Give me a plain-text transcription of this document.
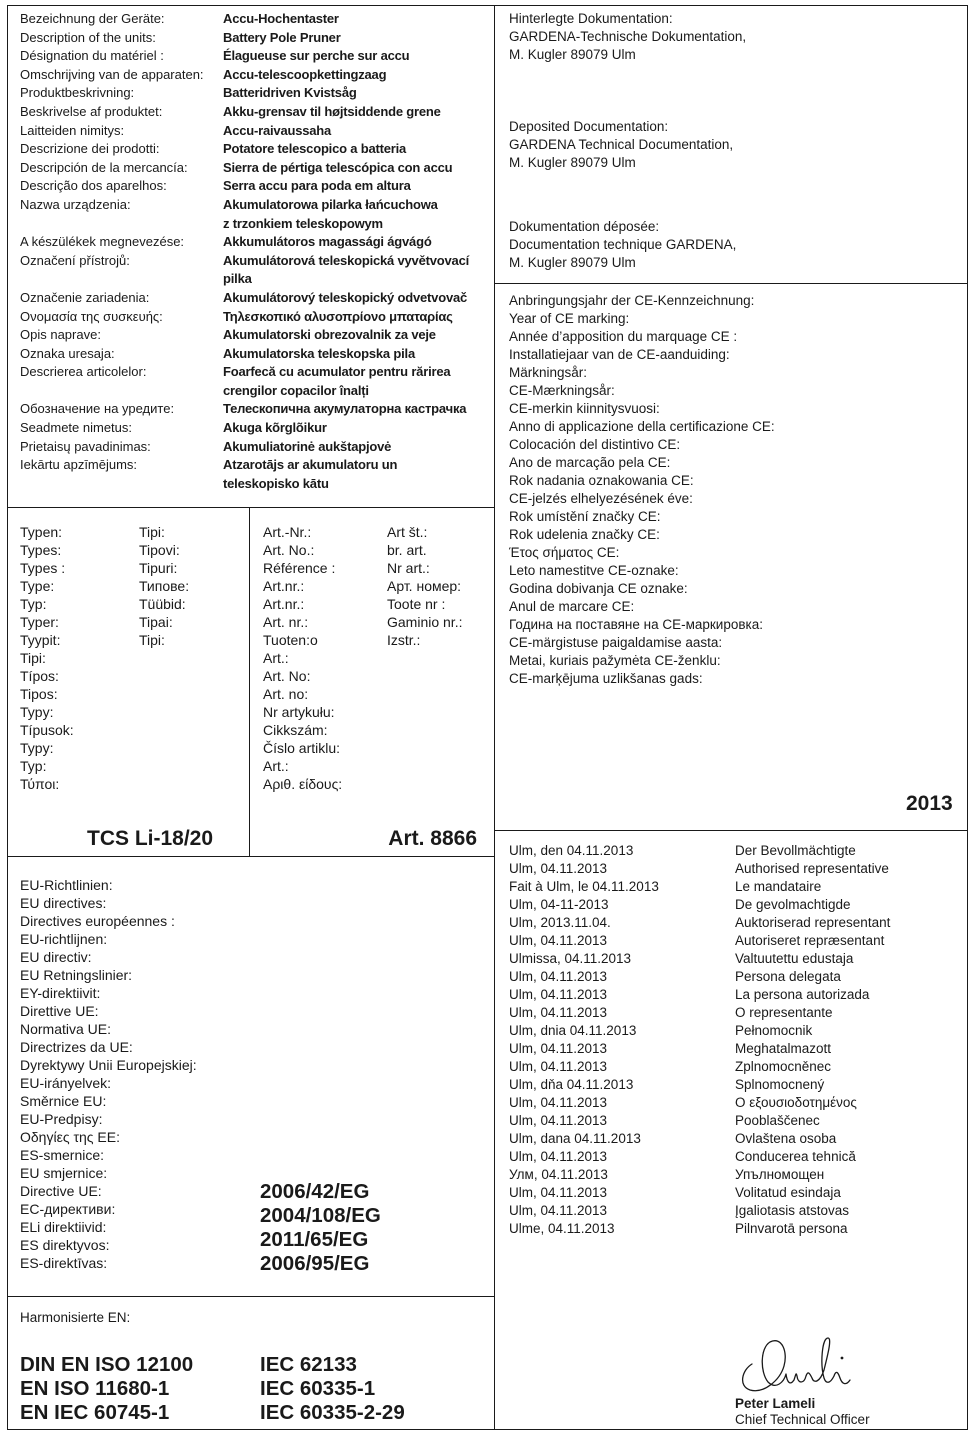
Bezeichnung der Geräte:
Description of the units:
Désignation du matériel :
Omschrijving van de apparaten:
Produktbeskrivning:
Beskrivelse af produktet:
Laitteiden nimitys:
Descrizione dei prodotti:
Descripción de la mercancía:
Descrição dos aparelhos:
Nazwa urządzenia:

A készülékek megnevezése:
Označení přístrojů:

Označenie zariadenia:
Ονομασία της συσκευής:
Opis naprave:
Oznaka uresaja:
Descrierea articolelor:

Обозначение на уредите:
Seadmete nimetus:
Prietaisų pavadinimas:
Iekārtu apzīmējums:

Accu-Hochentaster
Battery Pole Pruner
Élagueuse sur perche sur accu
Accu-telescoopkettingzaag
Batteridriven Kvistsåg
Akku-grensav til højtsiddende grene
Accu-raivaussaha
Potatore telescopico a batteria
Sierra de pértiga telescópica con accu
Serra accu para poda em altura
Akumulatorowa pilarka łańcuchowa
z trzonkiem teleskopowym
Akkumulátoros magassági ágvágó
Akumulátorová teleskopická vyvětvovací
pilka
Akumulátorový teleskopický odvetvovač
Τηλεσκοπικό αλυσοπρίονο μπαταρίας
Akumulatorski obrezovalnik za veje
Akumulatorska teleskopska pila
Foarfecă cu acumulator pentru rărirea
crengilor copacilor înalți
Телескопична акумулаторна кастрачка
Akuga kõrglõikur
Akumuliatorinė aukštapjovė
Atzarotājs ar akumulatoru un
teleskopisko kātu
Typen:
Types:
Types :
Type:
Typ:
Typer:
Tyypit:
Tipi:
Típos:
Tipos:
Typy:
Típusok:
Typy:
Typ:
Τύποι:
Tipi:
Tipovi:
Tipuri:
Типове:
Tüübid:
Tipai:
Tipi:
Art.-Nr.:
Art. No.:
Référence :
Art.nr.:
Art.nr.:
Art. nr.:
Tuoten:o
Art.:
Art. No:
Art. no:
Nr artykułu:
Cikkszám:
Číslo artiklu:
Art.:
Αριθ. είδους:
Art št.:
br. art.
Nr art.:
Арт. номер:
Toote nr :
Gaminio nr.:
Izstr.:
TCS Li-18/20	Art. 8866
EU-Richtlinien:
EU directives:
Directives européennes :
EU-richtlijnen:
EU directiv:
EU Retningslinier:
EY-direktiivit:
Direttive UE:
Normativa UE:
Directrizes da UE:
Dyrektywy Unii Europejskiej:
EU-irányelvek:
Směrnice EU:
EU-Predpisy:
Οδηγίες της ΕΕ:
ES-smernice:
EU smjernice:
Directive UE:
ЕС-директиви:
ELi direktiivid:
ES direktyvos:
ES-direktīvas:
2006/42/EG
2004/108/EG
2011/65/EG
2006/95/EG
Harmonisierte EN:
DIN EN ISO 12100
EN ISO 11680-1
EN IEC 60745-1
IEC 62133
IEC 60335-1
IEC 60335-2-29
Hinterlegte Dokumentation:
GARDENA-Technische Dokumentation,
M. Kugler 89079 Ulm
Deposited Documentation:
GARDENA Technical Documentation,
M. Kugler 89079 Ulm
Dokumentation déposée:
Documentation technique GARDENA,
M. Kugler 89079 Ulm
Anbringungsjahr der CE-Kennzeichnung:
Year of CE marking:
Année d’apposition du marquage CE :
Installatiejaar van de CE-aanduiding:
Märkningsår:
CE-Mærkningsår:
CE-merkin kiinnitysvuosi:
Anno di applicazione della certificazione CE:
Colocación del distintivo CE:
Ano de marcação pela CE:
Rok nadania oznakowania CE:
CE-jelzés elhelyezésének éve:
Rok umístění značky CE:
Rok udelenia značky CE:
Έτος σήματος CE:
Leto namestitve CE-oznake:
Godina dobivanja CE oznake:
Anul de marcare CE:
Година на поставяне на CE-маркировка:
CE-märgistuse paigaldamise aasta:
Metai, kuriais pažymėta CE-ženklu:
CE-marķējuma uzlikšanas gads:
2013
Ulm, den 04.11.2013
Ulm, 04.11.2013
Fait à Ulm, le 04.11.2013
Ulm, 04-11-2013
Ulm, 2013.11.04.
Ulm, 04.11.2013
Ulmissa, 04.11.2013
Ulm, 04.11.2013
Ulm, 04.11.2013
Ulm, 04.11.2013
Ulm, dnia 04.11.2013
Ulm, 04.11.2013
Ulm, 04.11.2013
Ulm, dňa 04.11.2013
Ulm, 04.11.2013
Ulm, 04.11.2013
Ulm, dana 04.11.2013
Ulm, 04.11.2013
Улм, 04.11.2013
Ulm, 04.11.2013
Ulm, 04.11.2013
Ulme, 04.11.2013
Der Bevollmächtigte
Authorised representative
Le mandataire
De gevolmachtigde
Auktoriserad representant
Autoriseret repræsentant
Valtuutettu edustaja
Persona delegata
La persona autorizada
O representante
Pełnomocnik
Meghatalmazott
Zplnomocněnec
Splnomocnený
Ο εξουσιοδοτημένος
Pooblaščenec
Ovlaštena osoba
Conducerea tehnică
Упълномощен
Volitatud esindaja
Įgaliotasis atstovas
Pilnvarotā persona
Peter Lameli
Chief Technical Officer
